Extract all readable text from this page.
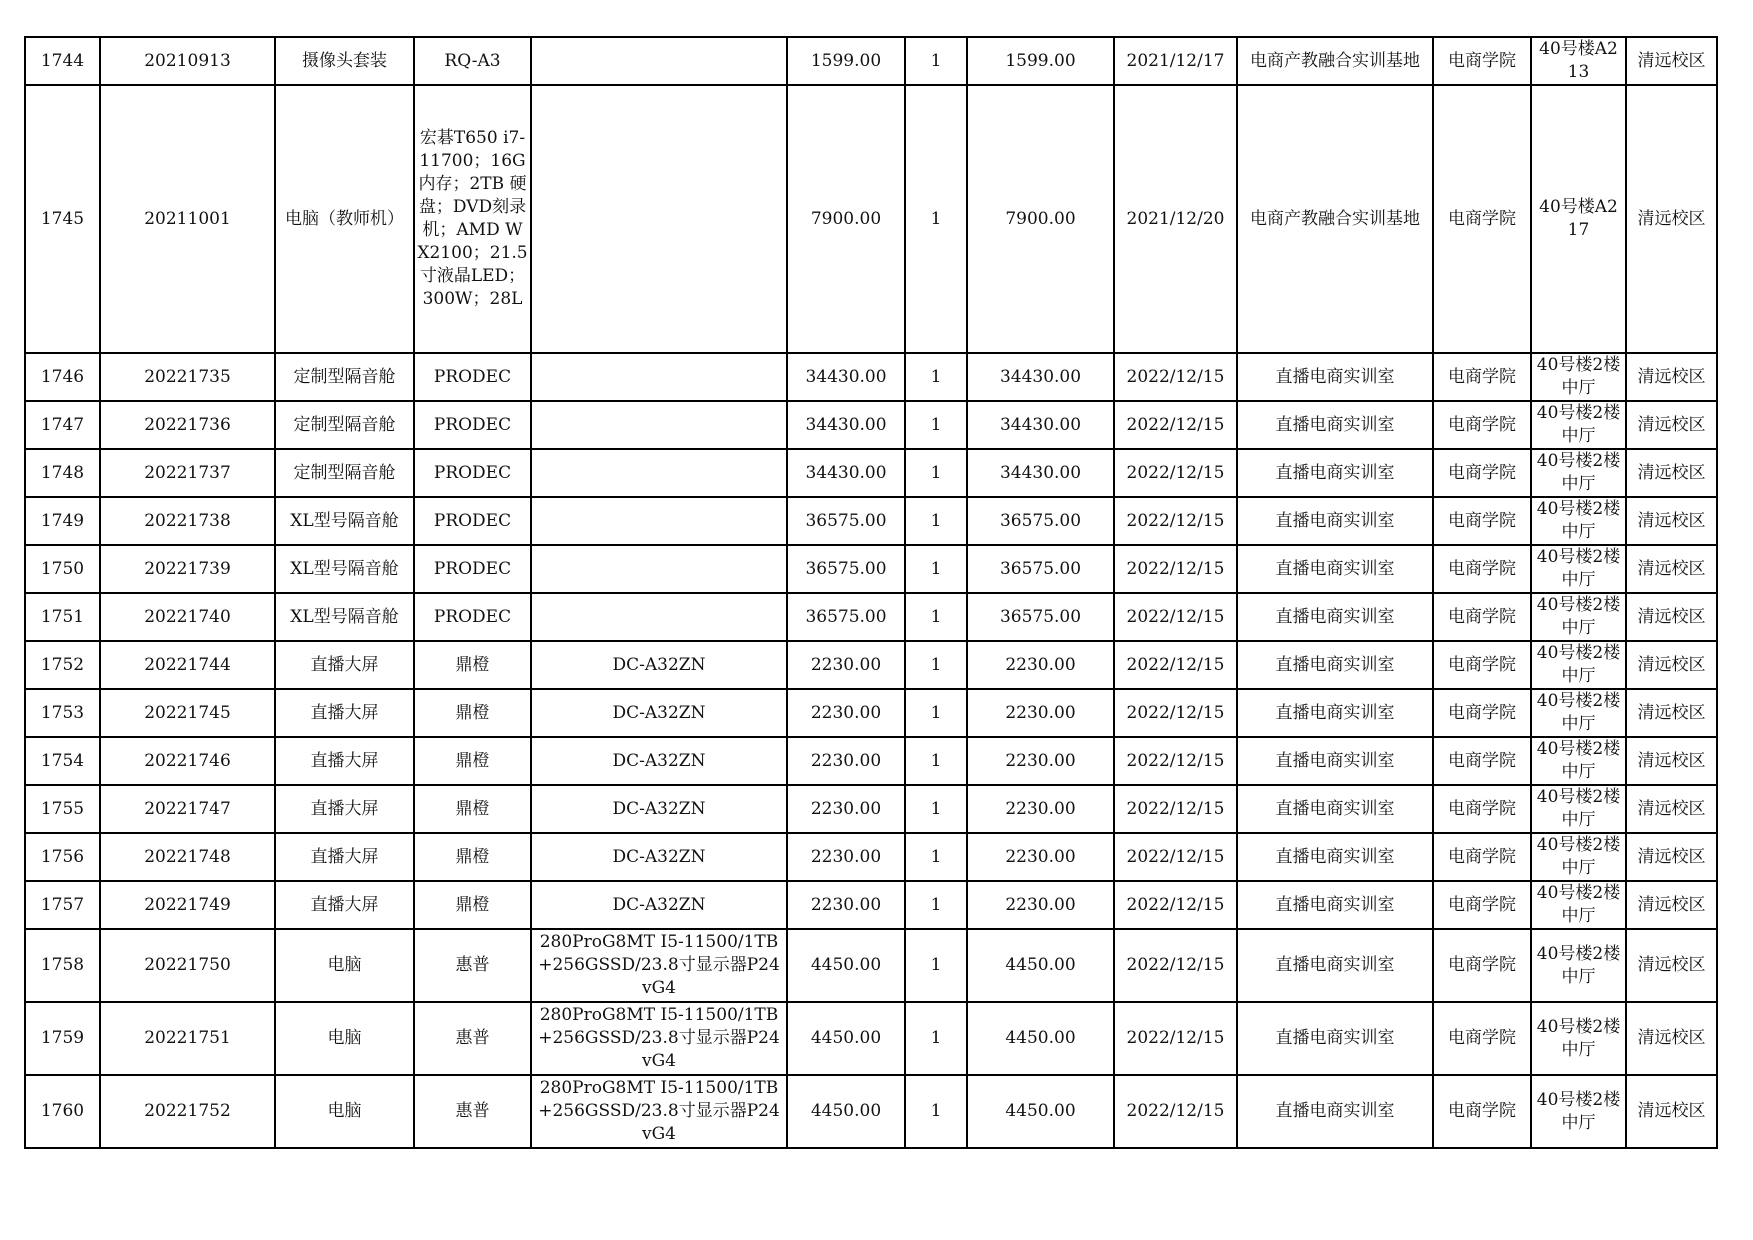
1744	20210913	摄像头套装	RQ-A3		1599.00	1	1599.00	2021/12/17	电商产教融合实训基地	电商学院	40号楼A213	清远校区
1745	20211001	电脑（教师机）	宏碁T650 i7-11700；16G 内存；2TB 硬盘；DVD刻录机；AMD WX2100；21.5寸液晶LED；300W；28L		7900.00	1	7900.00	2021/12/20	电商产教融合实训基地	电商学院	40号楼A217	清远校区
1746	20221735	定制型隔音舱	PRODEC		34430.00	1	34430.00	2022/12/15	直播电商实训室	电商学院	40号楼2楼中厅	清远校区
1747	20221736	定制型隔音舱	PRODEC		34430.00	1	34430.00	2022/12/15	直播电商实训室	电商学院	40号楼2楼中厅	清远校区
1748	20221737	定制型隔音舱	PRODEC		34430.00	1	34430.00	2022/12/15	直播电商实训室	电商学院	40号楼2楼中厅	清远校区
1749	20221738	XL型号隔音舱	PRODEC		36575.00	1	36575.00	2022/12/15	直播电商实训室	电商学院	40号楼2楼中厅	清远校区
1750	20221739	XL型号隔音舱	PRODEC		36575.00	1	36575.00	2022/12/15	直播电商实训室	电商学院	40号楼2楼中厅	清远校区
1751	20221740	XL型号隔音舱	PRODEC		36575.00	1	36575.00	2022/12/15	直播电商实训室	电商学院	40号楼2楼中厅	清远校区
1752	20221744	直播大屏	鼎橙	DC-A32ZN	2230.00	1	2230.00	2022/12/15	直播电商实训室	电商学院	40号楼2楼中厅	清远校区
1753	20221745	直播大屏	鼎橙	DC-A32ZN	2230.00	1	2230.00	2022/12/15	直播电商实训室	电商学院	40号楼2楼中厅	清远校区
1754	20221746	直播大屏	鼎橙	DC-A32ZN	2230.00	1	2230.00	2022/12/15	直播电商实训室	电商学院	40号楼2楼中厅	清远校区
1755	20221747	直播大屏	鼎橙	DC-A32ZN	2230.00	1	2230.00	2022/12/15	直播电商实训室	电商学院	40号楼2楼中厅	清远校区
1756	20221748	直播大屏	鼎橙	DC-A32ZN	2230.00	1	2230.00	2022/12/15	直播电商实训室	电商学院	40号楼2楼中厅	清远校区
1757	20221749	直播大屏	鼎橙	DC-A32ZN	2230.00	1	2230.00	2022/12/15	直播电商实训室	电商学院	40号楼2楼中厅	清远校区
1758	20221750	电脑	惠普	280ProG8MT I5-11500/1TB+256GSSD/23.8寸显示器P24vG4	4450.00	1	4450.00	2022/12/15	直播电商实训室	电商学院	40号楼2楼中厅	清远校区
1759	20221751	电脑	惠普	280ProG8MT I5-11500/1TB+256GSSD/23.8寸显示器P24vG4	4450.00	1	4450.00	2022/12/15	直播电商实训室	电商学院	40号楼2楼中厅	清远校区
1760	20221752	电脑	惠普	280ProG8MT I5-11500/1TB+256GSSD/23.8寸显示器P24vG4	4450.00	1	4450.00	2022/12/15	直播电商实训室	电商学院	40号楼2楼中厅	清远校区
